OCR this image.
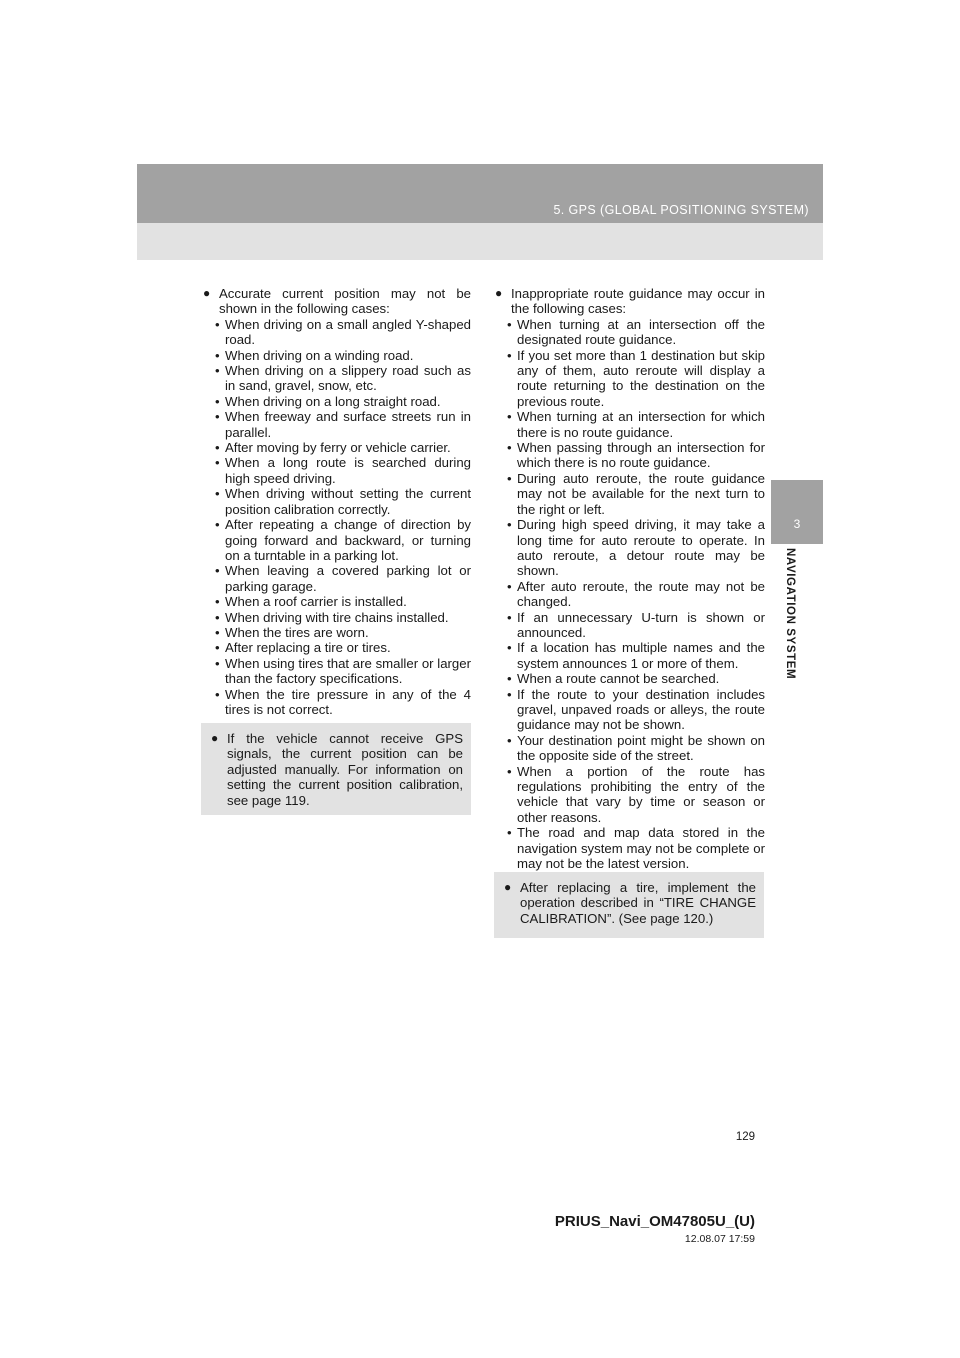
5. GPS (GLOBAL POSITIONING SYSTEM)
3
NAVIGATION SYSTEM
● Accurate current position may not be shown in the following cases:
• When driving on a small angled Y-shaped road.
• When driving on a winding road.
• When driving on a slippery road such as in sand, gravel, snow, etc.
• When driving on a long straight road.
• When freeway and surface streets run in parallel.
• After moving by ferry or vehicle carrier.
• When a long route is searched during high speed driving.
• When driving without setting the current position calibration correctly.
• After repeating a change of direction by going forward and backward, or turning on a turntable in a parking lot.
• When leaving a covered parking lot or parking garage.
• When a roof carrier is installed.
• When driving with tire chains installed.
• When the tires are worn.
• After replacing a tire or tires.
• When using tires that are smaller or larger than the factory specifications.
• When the tire pressure in any of the 4 tires is not correct.
● If the vehicle cannot receive GPS signals, the current position can be adjusted manually. For information on setting the current position calibration, see page 119.
● Inappropriate route guidance may occur in the following cases:
• When turning at an intersection off the designated route guidance.
• If you set more than 1 destination but skip any of them, auto reroute will display a route returning to the destination on the previous route.
• When turning at an intersection for which there is no route guidance.
• When passing through an intersection for which there is no route guidance.
• During auto reroute, the route guidance may not be available for the next turn to the right or left.
• During high speed driving, it may take a long time for auto reroute to operate. In auto reroute, a detour route may be shown.
• After auto reroute, the route may not be changed.
• If an unnecessary U-turn is shown or announced.
• If a location has multiple names and the system announces 1 or more of them.
• When a route cannot be searched.
• If the route to your destination includes gravel, unpaved roads or alleys, the route guidance may not be shown.
• Your destination point might be shown on the opposite side of the street.
• When a portion of the route has regulations prohibiting the entry of the vehicle that vary by time or season or other reasons.
• The road and map data stored in the navigation system may not be complete or may not be the latest version.
● After replacing a tire, implement the operation described in “TIRE CHANGE CALIBRATION”. (See page 120.)
129
PRIUS_Navi_OM47805U_(U)
12.08.07 17:59
